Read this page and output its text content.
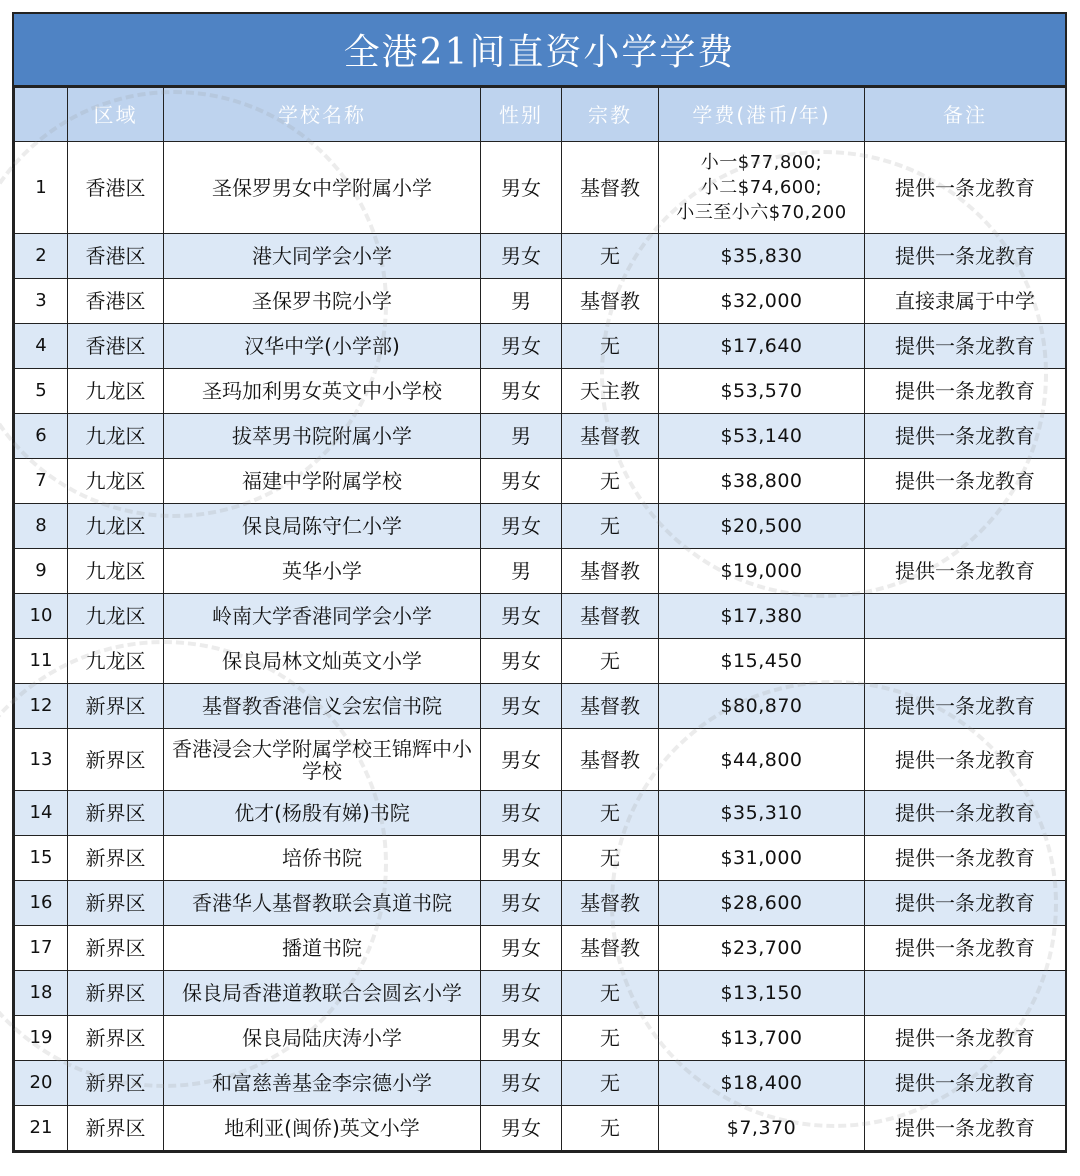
全港21间直资小学学费
	区域	学校名称	性别	宗教	学费(港币/年)	备注
1	香港区	圣保罗男女中学附属小学	男女	基督教	小一$77,800;
小二$74,600;
小三至小六$70,200	提供一条龙教育
2	香港区	港大同学会小学	男女	无	$35,830	提供一条龙教育
3	香港区	圣保罗书院小学	男	基督教	$32,000	直接隶属于中学
4	香港区	汉华中学(小学部)	男女	无	$17,640	提供一条龙教育
5	九龙区	圣玛加利男女英文中小学校	男女	天主教	$53,570	提供一条龙教育
6	九龙区	拔萃男书院附属小学	男	基督教	$53,140	提供一条龙教育
7	九龙区	福建中学附属学校	男女	无	$38,800	提供一条龙教育
8	九龙区	保良局陈守仁小学	男女	无	$20,500	
9	九龙区	英华小学	男	基督教	$19,000	提供一条龙教育
10	九龙区	岭南大学香港同学会小学	男女	基督教	$17,380	
11	九龙区	保良局林文灿英文小学	男女	无	$15,450	
12	新界区	基督教香港信义会宏信书院	男女	基督教	$80,870	提供一条龙教育
13	新界区	香港浸会大学附属学校王锦辉中小学校	男女	基督教	$44,800	提供一条龙教育
14	新界区	优才(杨殷有娣)书院	男女	无	$35,310	提供一条龙教育
15	新界区	培侨书院	男女	无	$31,000	提供一条龙教育
16	新界区	香港华人基督教联会真道书院	男女	基督教	$28,600	提供一条龙教育
17	新界区	播道书院	男女	基督教	$23,700	提供一条龙教育
18	新界区	保良局香港道教联合会圆玄小学	男女	无	$13,150	
19	新界区	保良局陆庆涛小学	男女	无	$13,700	提供一条龙教育
20	新界区	和富慈善基金李宗德小学	男女	无	$18,400	提供一条龙教育
21	新界区	地利亚(闽侨)英文小学	男女	无	$7,370	提供一条龙教育
